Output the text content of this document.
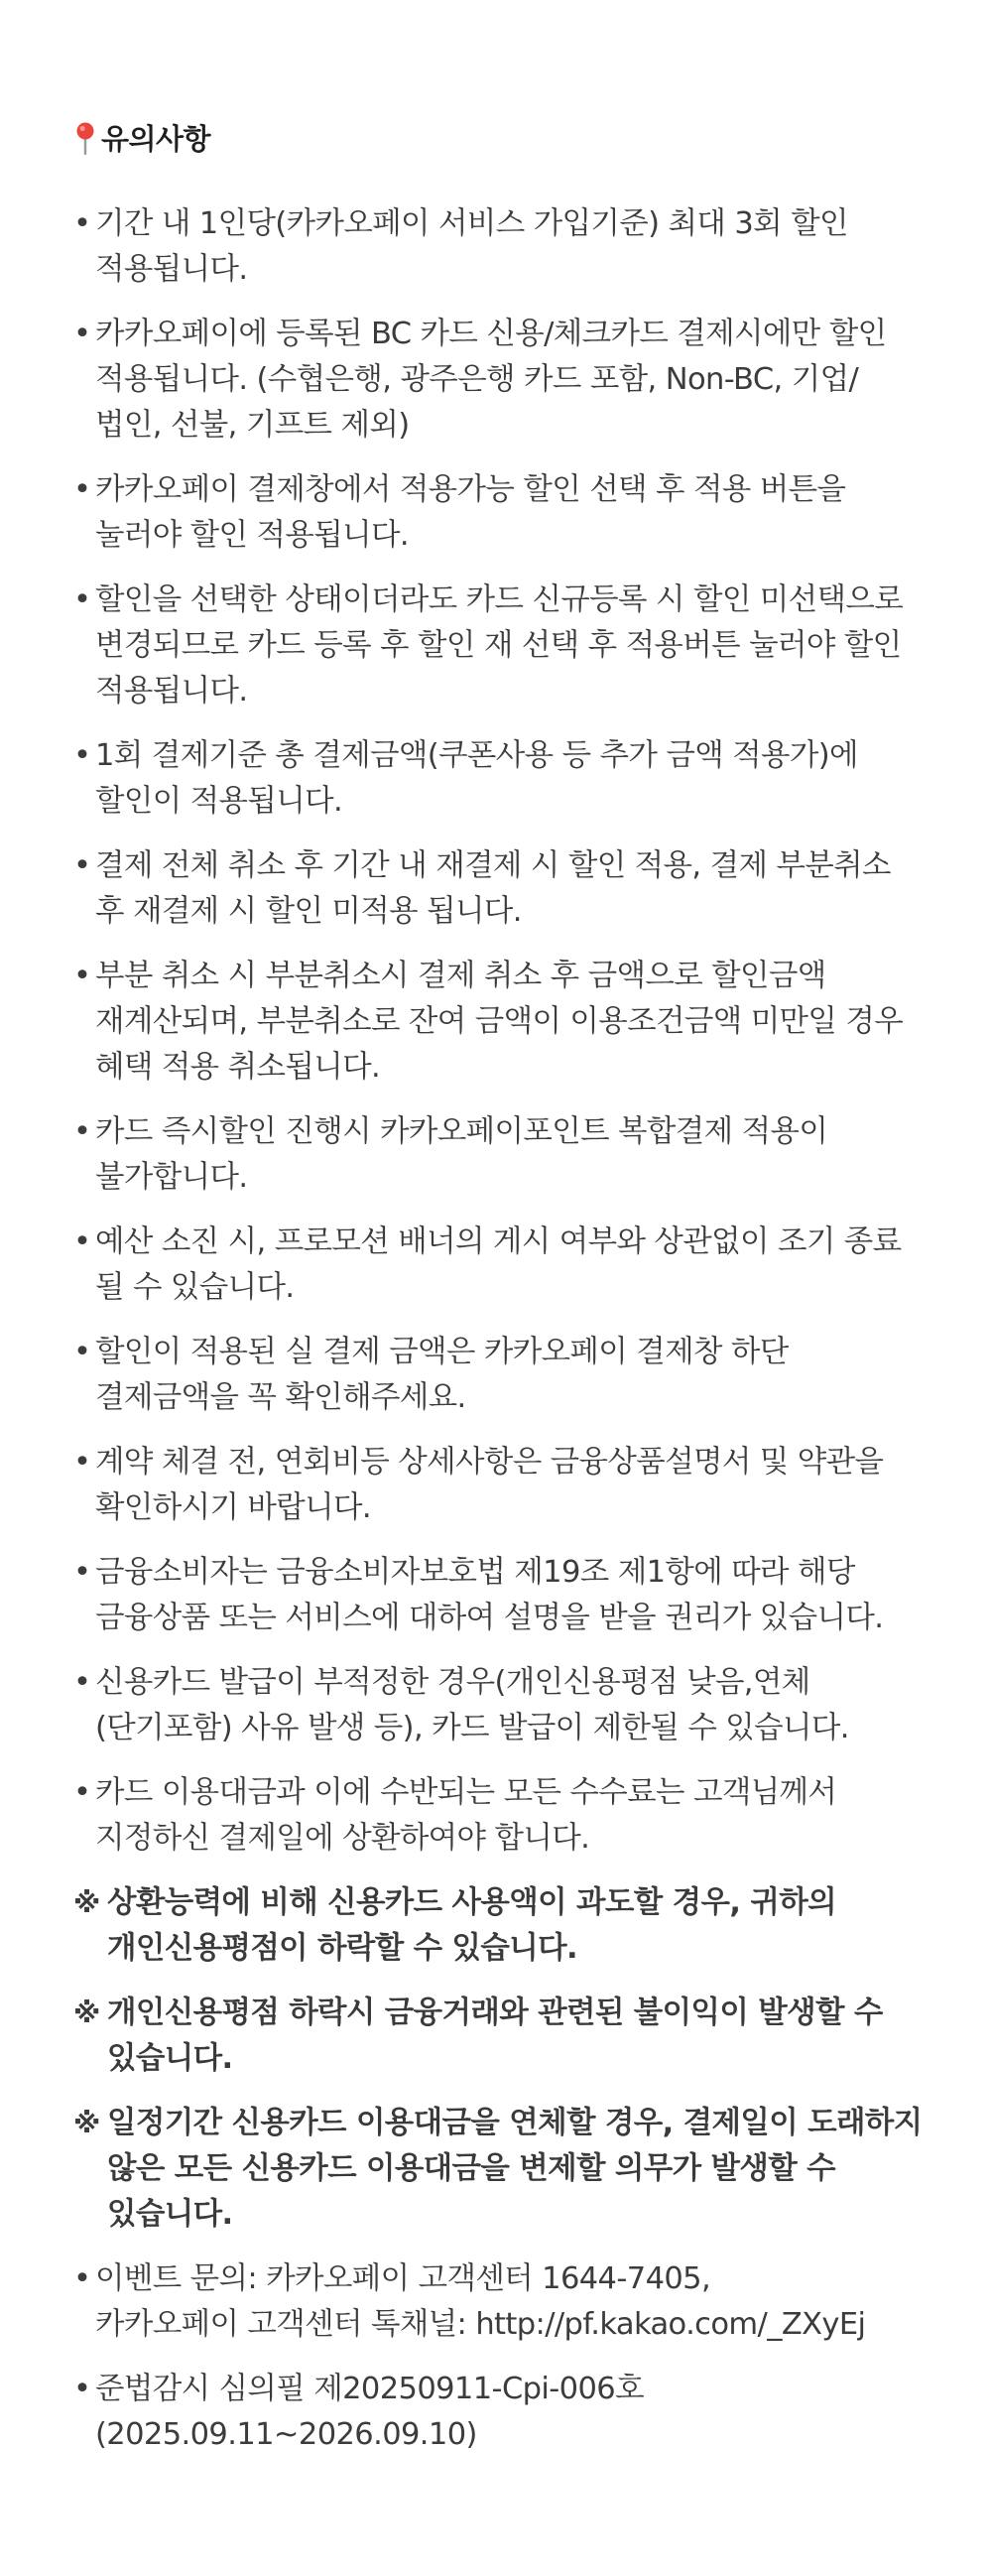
유의사항
• 기간 내 1인당(카카오페이 서비스 가입기준) 최대 3회 할인 적용됩니다.
• 카카오페이에 등록된 BC 카드 신용/체크카드 결제시에만 할인 적용됩니다. (수협은행, 광주은행 카드 포함, Non-BC, 기업/법인, 선불, 기프트 제외)
• 카카오페이 결제창에서 적용가능 할인 선택 후 적용 버튼을 눌러야 할인 적용됩니다.
• 할인을 선택한 상태이더라도 카드 신규등록 시 할인 미선택으로 변경되므로 카드 등록 후 할인 재 선택 후 적용버튼 눌러야 할인 적용됩니다.
• 1회 결제기준 총 결제금액(쿠폰사용 등 추가 금액 적용가)에 할인이 적용됩니다.
• 결제 전체 취소 후 기간 내 재결제 시 할인 적용, 결제 부분취소 후 재결제 시 할인 미적용 됩니다.
• 부분 취소 시 부분취소시 결제 취소 후 금액으로 할인금액 재계산되며, 부분취소로 잔여 금액이 이용조건금액 미만일 경우 혜택 적용 취소됩니다.
• 카드 즉시할인 진행시 카카오페이포인트 복합결제 적용이 불가합니다.
• 예산 소진 시, 프로모션 배너의 게시 여부와 상관없이 조기 종료 될 수 있습니다.
• 할인이 적용된 실 결제 금액은 카카오페이 결제창 하단 결제금액을 꼭 확인해주세요.
• 계약 체결 전, 연회비등 상세사항은 금융상품설명서 및 약관을 확인하시기 바랍니다.
• 금융소비자는 금융소비자보호법 제19조 제1항에 따라 해당 금융상품 또는 서비스에 대하여 설명을 받을 권리가 있습니다.
• 신용카드 발급이 부적정한 경우(개인신용평점 낮음,연체(단기포함) 사유 발생 등), 카드 발급이 제한될 수 있습니다.
• 카드 이용대금과 이에 수반되는 모든 수수료는 고객님께서 지정하신 결제일에 상환하여야 합니다.
※ 상환능력에 비해 신용카드 사용액이 과도할 경우, 귀하의 개인신용평점이 하락할 수 있습니다.
※ 개인신용평점 하락시 금융거래와 관련된 불이익이 발생할 수 있습니다.
※ 일정기간 신용카드 이용대금을 연체할 경우, 결제일이 도래하지 않은 모든 신용카드 이용대금을 변제할 의무가 발생할 수 있습니다.
• 이벤트 문의: 카카오페이 고객센터 1644-7405,
카카오페이 고객센터 톡채널: http://pf.kakao.com/_ZXyEj
• 준법감시 심의필 제20250911-Cpi-006호
(2025.09.11~2026.09.10)
